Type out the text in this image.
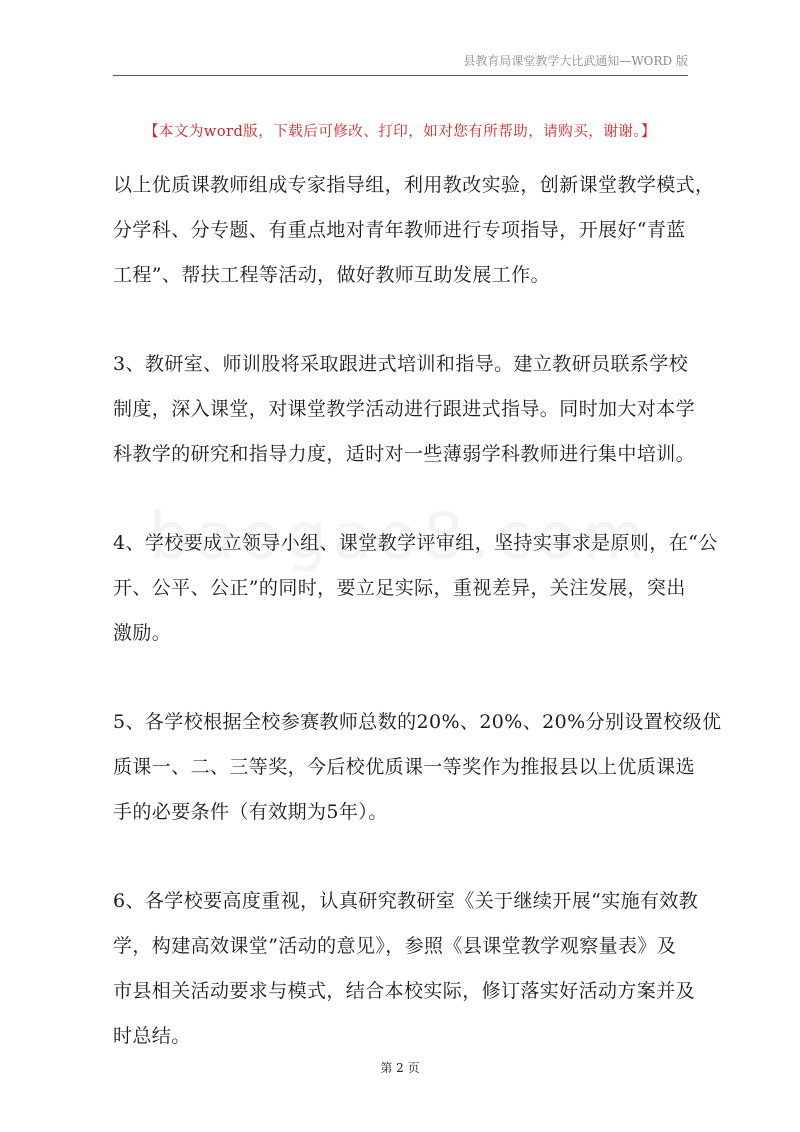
县教育局课堂教学大比武通知—WORD 版
【本文为word版，下载后可修改、打印，如对您有所帮助，请购买，谢谢。】

以上优质课教师组成专家指导组，利用教改实验，创新课堂教学模式，
分学科、分专题、有重点地对青年教师进行专项指导，开展好“青蓝
工程”、帮扶工程等活动，做好教师互助发展工作。

3、教研室、师训股将采取跟进式培训和指导。建立教研员联系学校
制度，深入课堂，对课堂教学活动进行跟进式指导。同时加大对本学
科教学的研究和指导力度，适时对一些薄弱学科教师进行集中培训。

4、学校要成立领导小组、课堂教学评审组，坚持实事求是原则，在“公
开、公平、公正”的同时，要立足实际，重视差异，关注发展，突出
激励。

5、各学校根据全校参赛教师总数的20%、20%、20%分别设置校级优
质课一、二、三等奖，今后校优质课一等奖作为推报县以上优质课选
手的必要条件（有效期为5年）。

6、各学校要高度重视，认真研究教研室《关于继续开展“实施有效教
学，构建高效课堂”活动的意见》，参照《县课堂教学观察量表》及
市县相关活动要求与模式，结合本校实际，修订落实好活动方案并及
时总结。

第 2 页
